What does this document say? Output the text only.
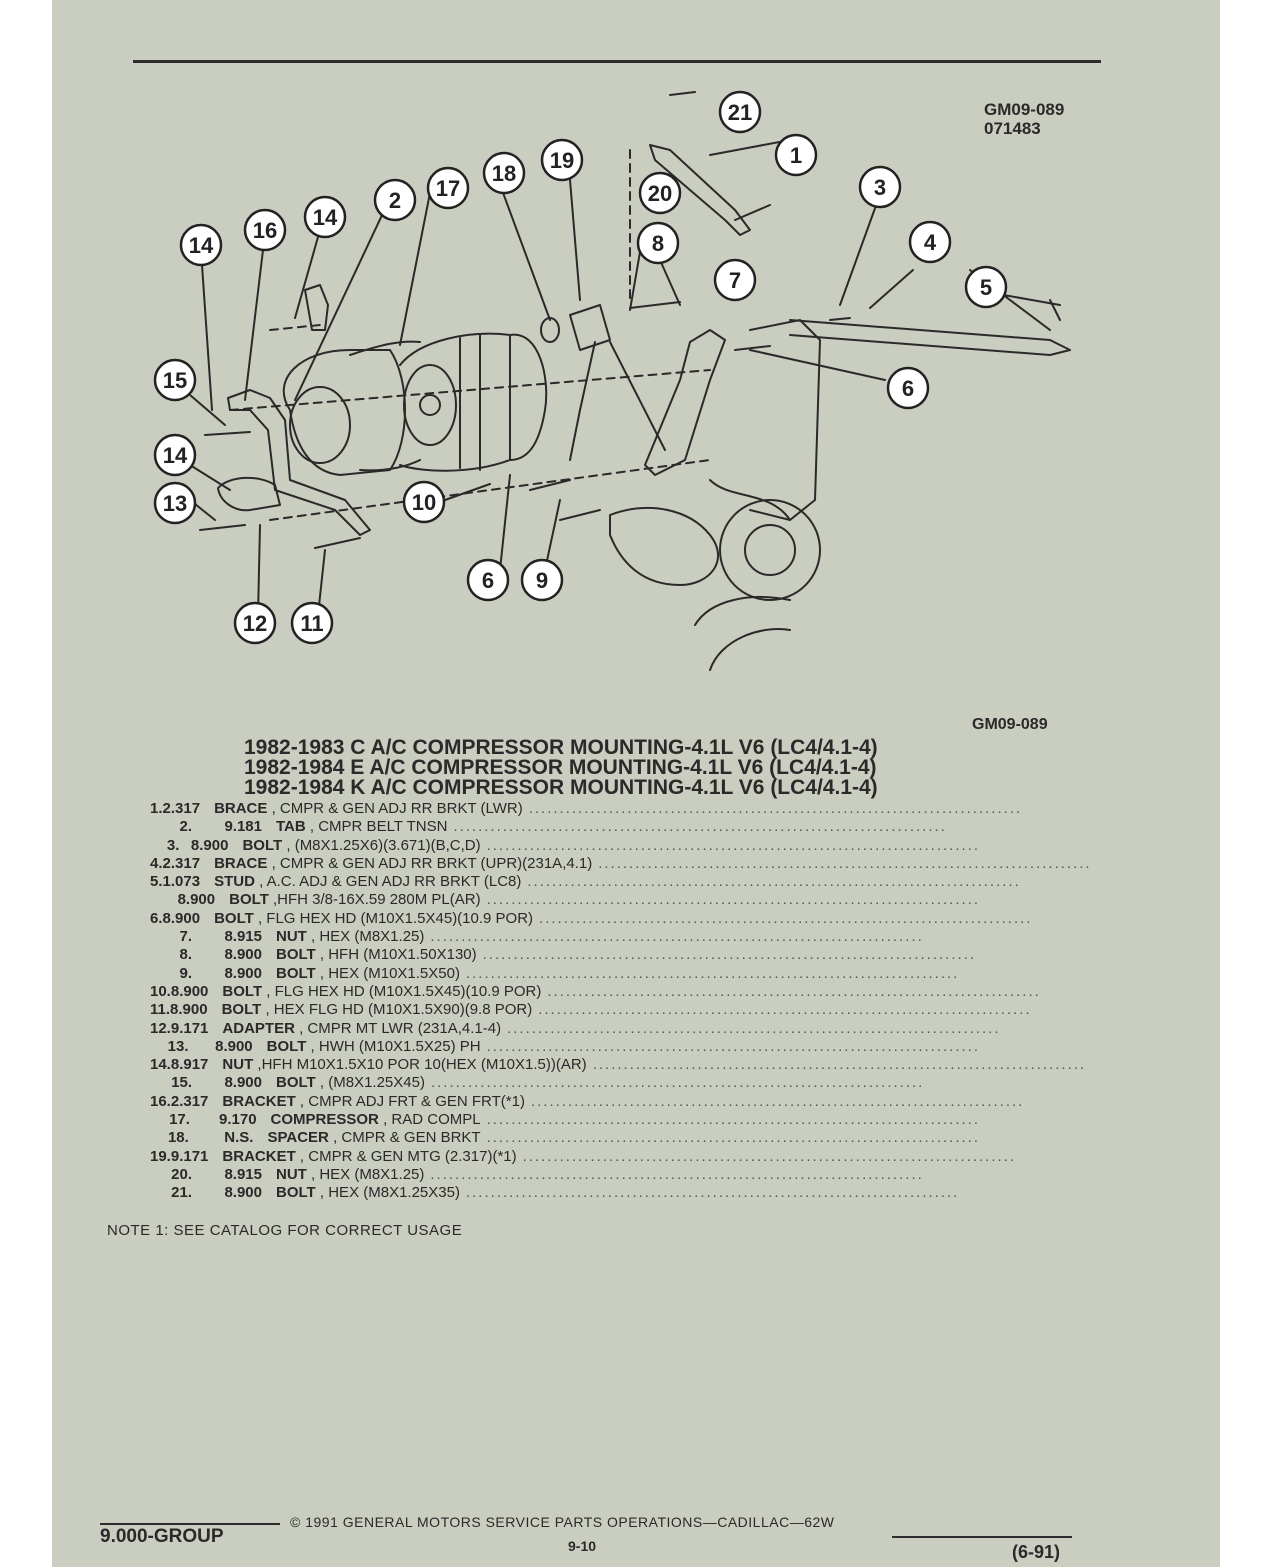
GM09-089
071483
21
1
20
19
18
17
2
14
16
14	8
3
4
5
7
6
15
14
13
12 11
10
6 9
GM09-089
1982-1983 C A/C COMPRESSOR MOUNTING-4.1L V6 (LC4/4.1-4)
1982-1984 E A/C COMPRESSOR MOUNTING-4.1L V6 (LC4/4.1-4)
1982-1984 K A/C COMPRESSOR MOUNTING-4.1L V6 (LC4/4.1-4)
1. 2.317 BRACE , CMPR & GEN ADJ RR BRKT (LWR) ................................................................................
2.	9.181 TAB , CMPR BELT TNSN ................................................................................
3. 8.900 BOLT , (M8X1.25X6)(3.671)(B,C,D) ................................................................................
4. 2.317 BRACE , CMPR & GEN ADJ RR BRKT (UPR)(231A,4.1) ................................................................................
5. 1.073 STUD , A.C. ADJ & GEN ADJ RR BRKT (LC8) ................................................................................
8.900 BOLT ,HFH 3/8-16X.59 280M PL(AR) ................................................................................
6. 8.900 BOLT , FLG HEX HD (M10X1.5X45)(10.9 POR) ................................................................................
7.	8.915 NUT , HEX (M8X1.25) ................................................................................
8.	8.900 BOLT , HFH (M10X1.50X130) ................................................................................
9.	8.900 BOLT , HEX (M10X1.5X50) ................................................................................
10. 8.900 BOLT , FLG HEX HD (M10X1.5X45)(10.9 POR) ................................................................................
11. 8.900 BOLT , HEX FLG HD (M10X1.5X90)(9.8 POR) ................................................................................
12. 9.171 ADAPTER , CMPR MT LWR (231A,4.1-4) ................................................................................
13.	8.900 BOLT , HWH (M10X1.5X25) PH ................................................................................
14. 8.917 NUT ,HFH M10X1.5X10 POR 10(HEX (M10X1.5))(AR) ................................................................................
15.	8.900 BOLT , (M8X1.25X45) ................................................................................
16. 2.317 BRACKET , CMPR ADJ FRT & GEN FRT(*1) ................................................................................
17.	9.170 COMPRESSOR , RAD COMPL ................................................................................
18.	N.S. SPACER , CMPR & GEN BRKT ................................................................................
19. 9.171 BRACKET , CMPR & GEN MTG (2.317)(*1) ................................................................................
20.	8.915 NUT , HEX (M8X1.25) ................................................................................
21.	8.900 BOLT , HEX (M8X1.25X35) ................................................................................
NOTE 1: SEE CATALOG FOR CORRECT USAGE
9.000-GROUP
© 1991 GENERAL MOTORS SERVICE PARTS OPERATIONS—CADILLAC—62W
9-10	(6-91)
